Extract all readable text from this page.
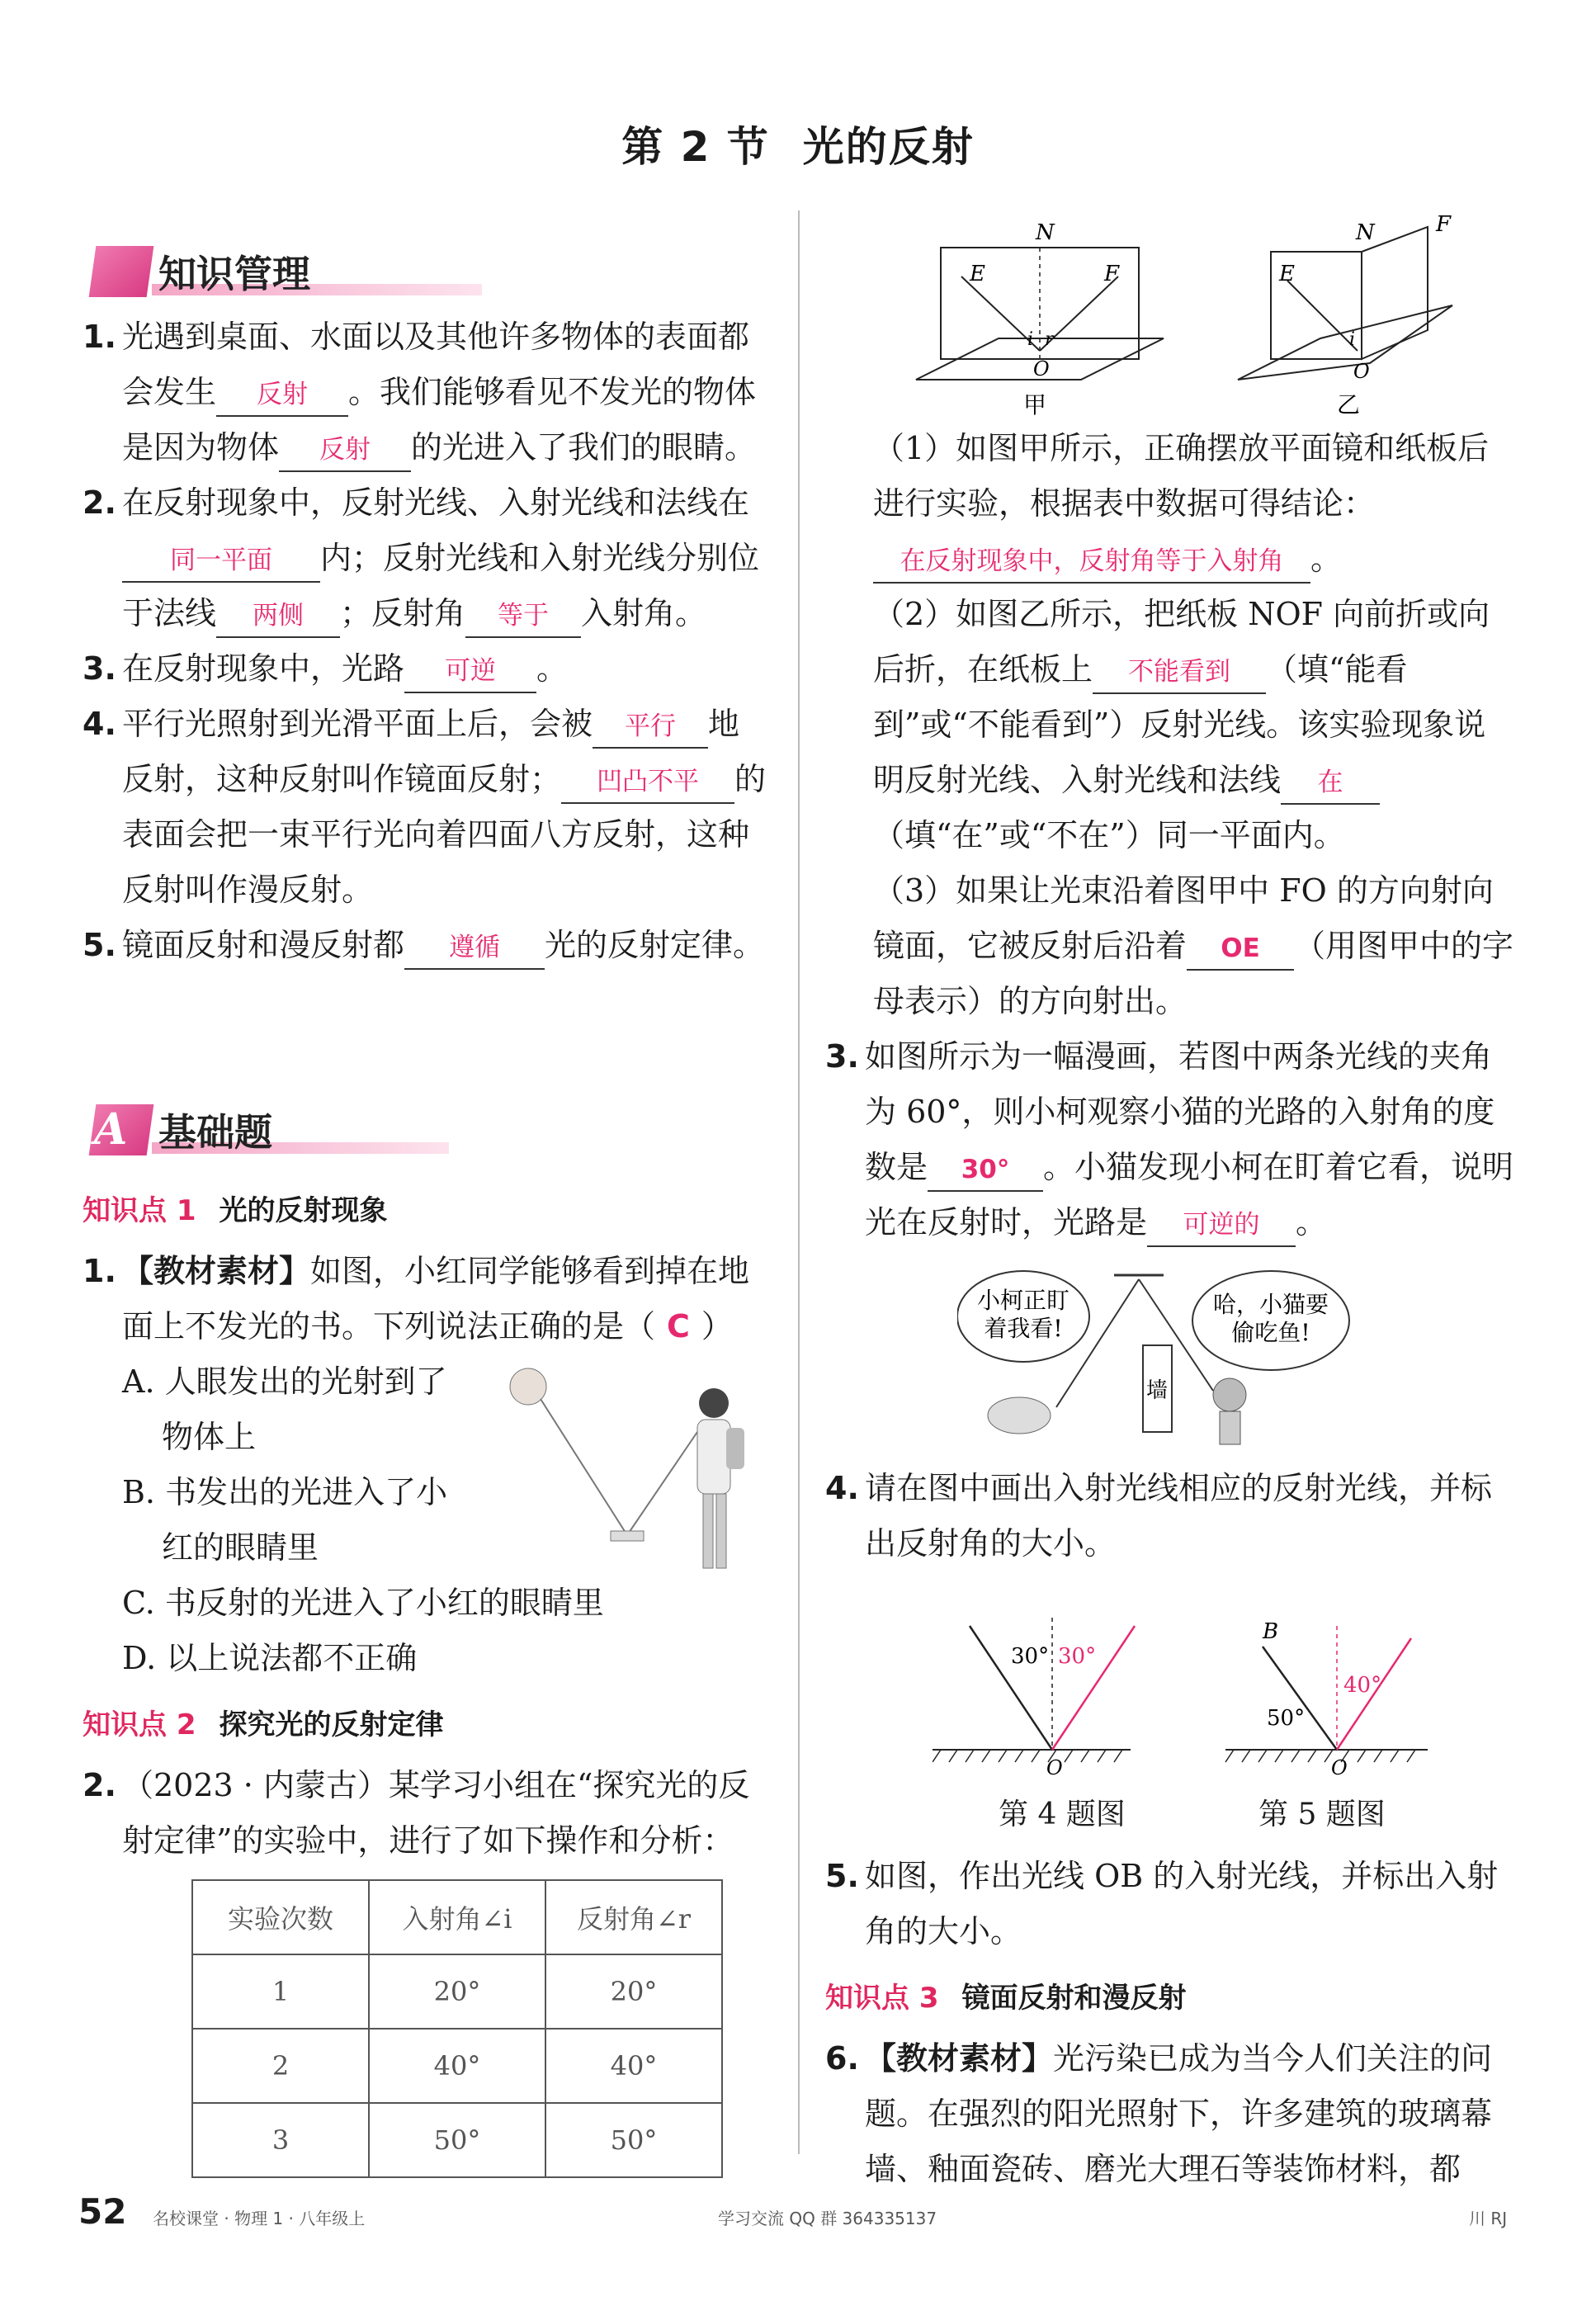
第 2 节 光的反射
知识管理
1. 光遇到桌面、水面以及其他许多物体的表面都会发生 反射 。我们能够看见不发光的物体是因为物体 反射 的光进入了我们的眼睛。
2. 在反射现象中，反射光线、入射光线和法线在同一平面 内；反射光线和入射光线分别位于法线 两侧 ；反射角 等于 入射角。
3. 在反射现象中，光路 可逆 。
4. 平行光照射到光滑平面上后，会被 平行 地反射，这种反射叫作镜面反射； 凹凸不平 的表面会把一束平行光向着四面八方反射，这种反射叫作漫反射。
5. 镜面反射和漫反射都 遵循 光的反射定律。
A 基础题
知识点 1 光的反射现象
1. 【教材素材】如图，小红同学能够看到掉在地面上不发光的书。下列说法正确的是（ C ）
A. 人眼发出的光射到了
物体上
B. 书发出的光进入了小
红的眼睛里
C. 书反射的光进入了小红的眼睛里
D. 以上说法都不正确
知识点 2 探究光的反射定律
2. （2023 · 内蒙古）某学习小组在“探究光的反射定律”的实验中，进行了如下操作和分析：
实验次数	入射角∠i	反射角∠r
1	20°	20°
2	40°	40°
3	50°	50°
N
E	F
i r
O
甲
N	F
E
i
O
乙
（1）如图甲所示，正确摆放平面镜和纸板后进行实验，根据表中数据可得结论：在反射现象中，反射角等于入射角 。
（2）如图乙所示，把纸板 NOF 向前折或向后折，在纸板上 不能看到 （填“能看到”或“不能看到”）反射光线。该实验现象说明反射光线、入射光线和法线 在（填“在”或“不在”）同一平面内。
（3）如果让光束沿着图甲中 FO 的方向射向镜面，它被反射后沿着 OE （用图甲中的字母表示）的方向射出。
3. 如图所示为一幅漫画，若图中两条光线的夹角为 60°，则小柯观察小猫的光路的入射角的度数是 30° 。小猫发现小柯在盯着它看，说明光在反射时，光路是 可逆的 。
小柯正盯着我看!
哈，小猫要偷吃鱼!
墙
4. 请在图中画出入射光线相应的反射光线，并标出反射角的大小。
30° 30°
O
B
50°
40°
O
第 4 题图	第 5 题图
5. 如图，作出光线 OB 的入射光线，并标出入射角的大小。
知识点 3 镜面反射和漫反射
6. 【教材素材】光污染已成为当今人们关注的问题。在强烈的阳光照射下，许多建筑的玻璃幕墙、釉面瓷砖、磨光大理石等装饰材料，都
52 名校课堂 · 物理 1 · 八年级上	学习交流 QQ 群 364335137	川 RJ
